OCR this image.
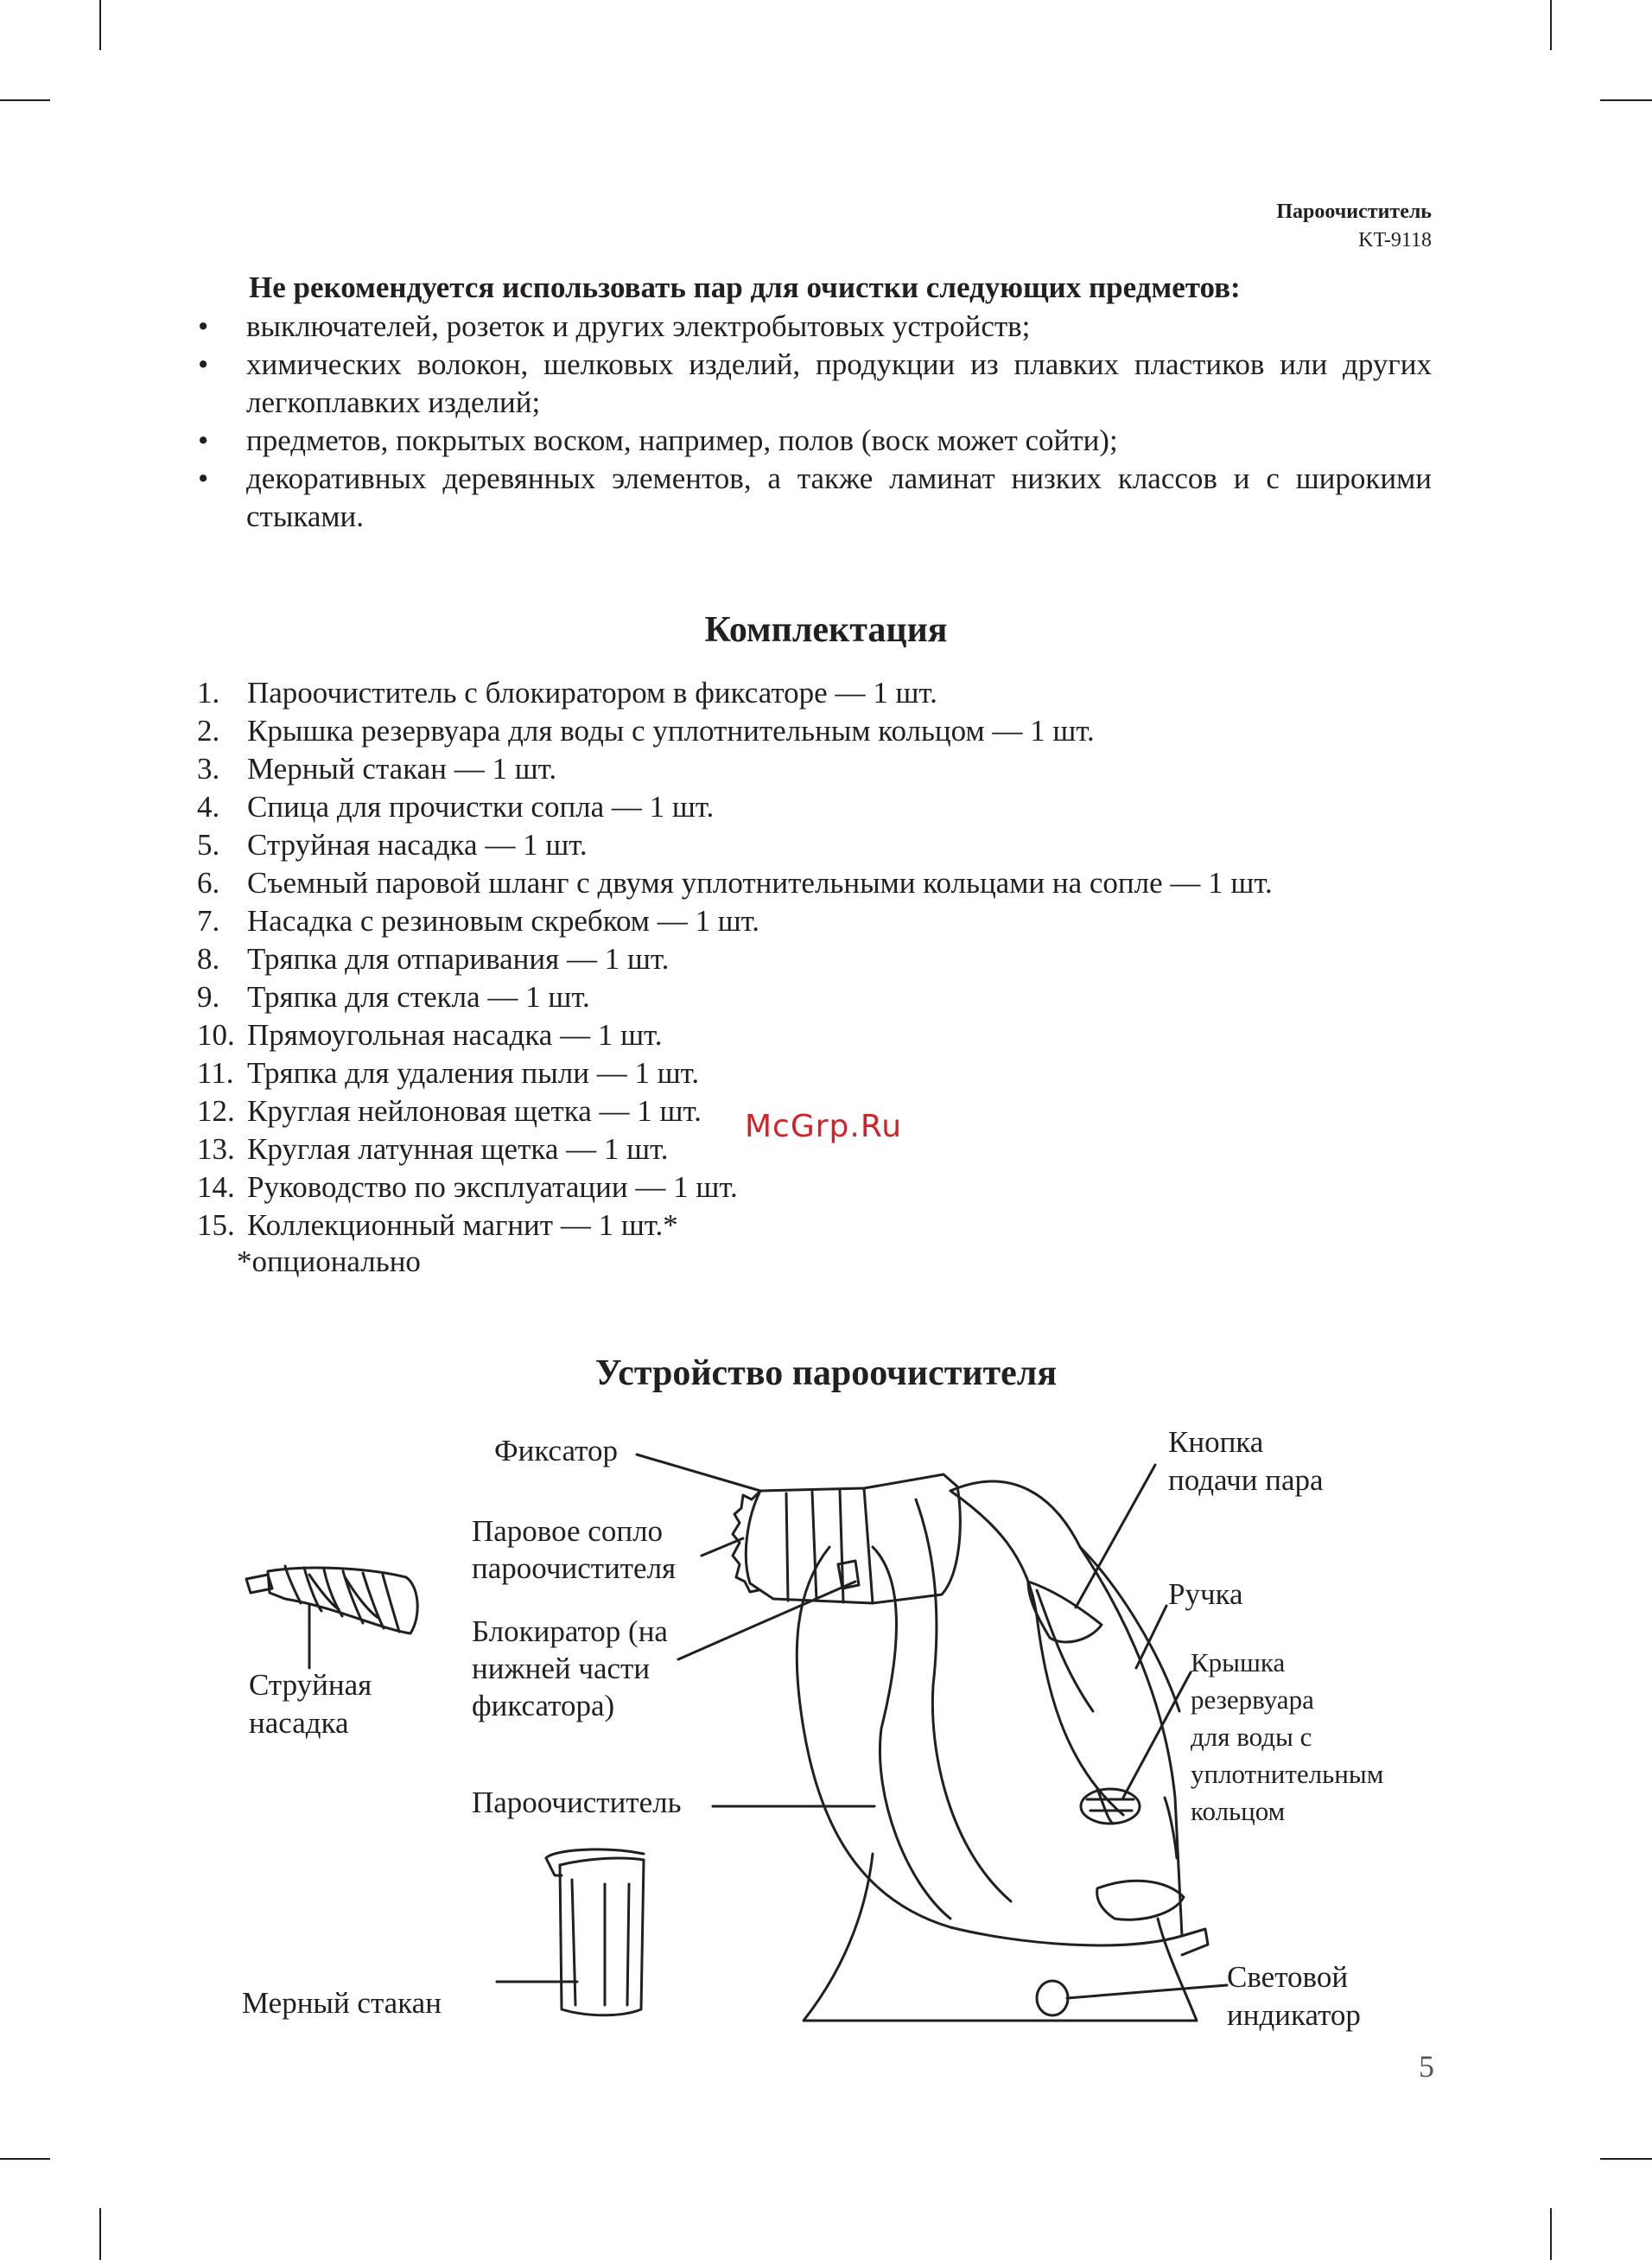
Пароочиститель
KT-9118
Не рекомендуется использовать пар для очистки следующих предметов:
• выключателей, розеток и других электробытовых устройств;
• химических волокон, шелковых изделий, продукции из плавких пластиков или других легкоплавких изделий;
• предметов, покрытых воском, например, полов (воск может сойти);
• декоративных деревянных элементов, а также ламинат низких классов и с широкими стыками.
Комплектация
1. Пароочиститель с блокиратором в фиксаторе — 1 шт.
2. Крышка резервуара для воды с уплотнительным кольцом — 1 шт.
3. Мерный стакан — 1 шт.
4. Спица для прочистки сопла — 1 шт.
5. Струйная насадка — 1 шт.
6. Съемный паровой шланг с двумя уплотнительными кольцами на сопле — 1 шт.
7. Насадка с резиновым скребком — 1 шт.
8. Тряпка для отпаривания — 1 шт.
9. Тряпка для стекла — 1 шт.
10. Прямоугольная насадка — 1 шт.
11. Тряпка для удаления пыли — 1 шт.
12. Круглая нейлоновая щетка — 1 шт.
13. Круглая латунная щетка — 1 шт.
14. Руководство по эксплуатации — 1 шт.
15. Коллекционный магнит — 1 шт.*
*опционально
McGrp.Ru
Устройство пароочистителя
Фиксатор
Паровое сопло
пароочистителя
Блокиратор (на
нижней части
фиксатора)
Пароочиститель
Струйная
насадка
Мерный стакан
Кнопка
подачи пара
Ручка
Крышка
резервуара
для воды с
уплотнительным
кольцом
Световой
индикатор
5
